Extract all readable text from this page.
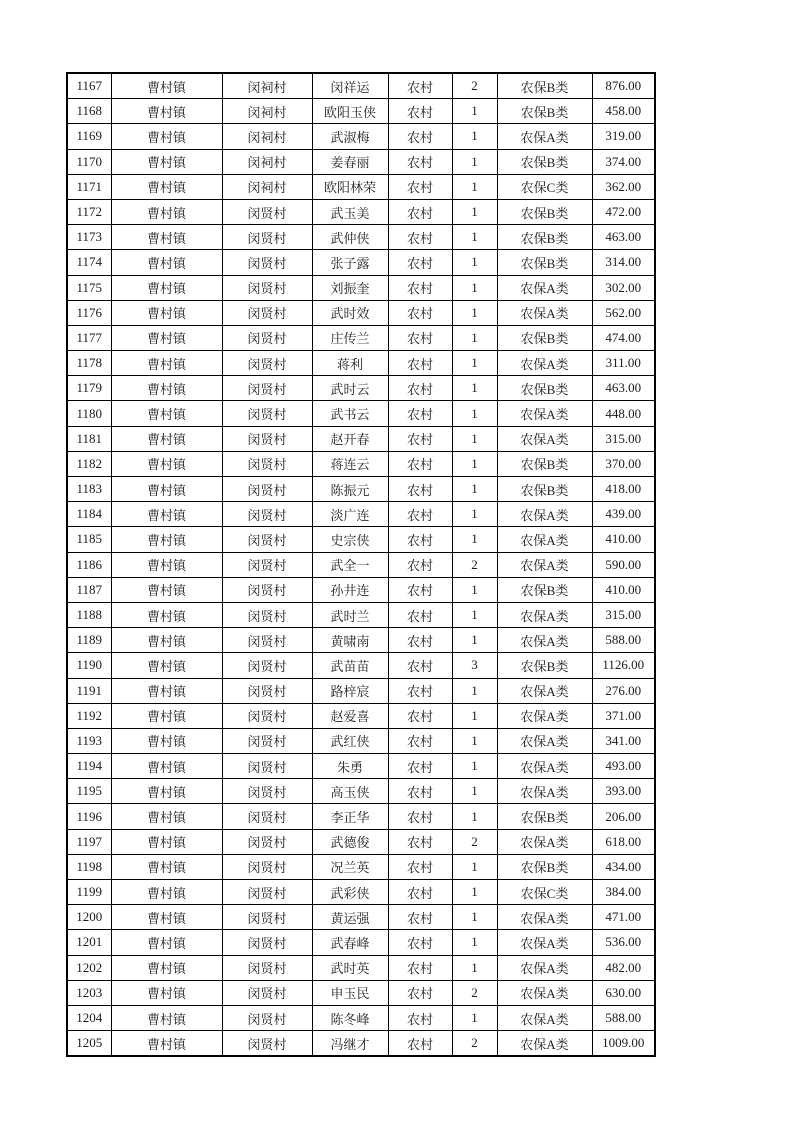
1167	曹村镇	闵祠村	闵祥运	农村	2	农保B类	876.00
1168	曹村镇	闵祠村	欧阳玉侠	农村	1	农保B类	458.00
1169	曹村镇	闵祠村	武淑梅	农村	1	农保A类	319.00
1170	曹村镇	闵祠村	姜春丽	农村	1	农保B类	374.00
1171	曹村镇	闵祠村	欧阳林荣	农村	1	农保C类	362.00
1172	曹村镇	闵贤村	武玉美	农村	1	农保B类	472.00
1173	曹村镇	闵贤村	武仲侠	农村	1	农保B类	463.00
1174	曹村镇	闵贤村	张子露	农村	1	农保B类	314.00
1175	曹村镇	闵贤村	刘振奎	农村	1	农保A类	302.00
1176	曹村镇	闵贤村	武时效	农村	1	农保A类	562.00
1177	曹村镇	闵贤村	庄传兰	农村	1	农保B类	474.00
1178	曹村镇	闵贤村	蒋利	农村	1	农保A类	311.00
1179	曹村镇	闵贤村	武时云	农村	1	农保B类	463.00
1180	曹村镇	闵贤村	武书云	农村	1	农保A类	448.00
1181	曹村镇	闵贤村	赵开春	农村	1	农保A类	315.00
1182	曹村镇	闵贤村	蒋连云	农村	1	农保B类	370.00
1183	曹村镇	闵贤村	陈振元	农村	1	农保B类	418.00
1184	曹村镇	闵贤村	淡广连	农村	1	农保A类	439.00
1185	曹村镇	闵贤村	史宗侠	农村	1	农保A类	410.00
1186	曹村镇	闵贤村	武全一	农村	2	农保A类	590.00
1187	曹村镇	闵贤村	孙井连	农村	1	农保B类	410.00
1188	曹村镇	闵贤村	武时兰	农村	1	农保A类	315.00
1189	曹村镇	闵贤村	黄啸南	农村	1	农保A类	588.00
1190	曹村镇	闵贤村	武苗苗	农村	3	农保B类	1126.00
1191	曹村镇	闵贤村	路梓宸	农村	1	农保A类	276.00
1192	曹村镇	闵贤村	赵爱喜	农村	1	农保A类	371.00
1193	曹村镇	闵贤村	武红侠	农村	1	农保A类	341.00
1194	曹村镇	闵贤村	朱勇	农村	1	农保A类	493.00
1195	曹村镇	闵贤村	高玉侠	农村	1	农保A类	393.00
1196	曹村镇	闵贤村	李正华	农村	1	农保B类	206.00
1197	曹村镇	闵贤村	武德俊	农村	2	农保A类	618.00
1198	曹村镇	闵贤村	况兰英	农村	1	农保B类	434.00
1199	曹村镇	闵贤村	武彩侠	农村	1	农保C类	384.00
1200	曹村镇	闵贤村	黄运强	农村	1	农保A类	471.00
1201	曹村镇	闵贤村	武春峰	农村	1	农保A类	536.00
1202	曹村镇	闵贤村	武时英	农村	1	农保A类	482.00
1203	曹村镇	闵贤村	申玉民	农村	2	农保A类	630.00
1204	曹村镇	闵贤村	陈冬峰	农村	1	农保A类	588.00
1205	曹村镇	闵贤村	冯继才	农村	2	农保A类	1009.00
